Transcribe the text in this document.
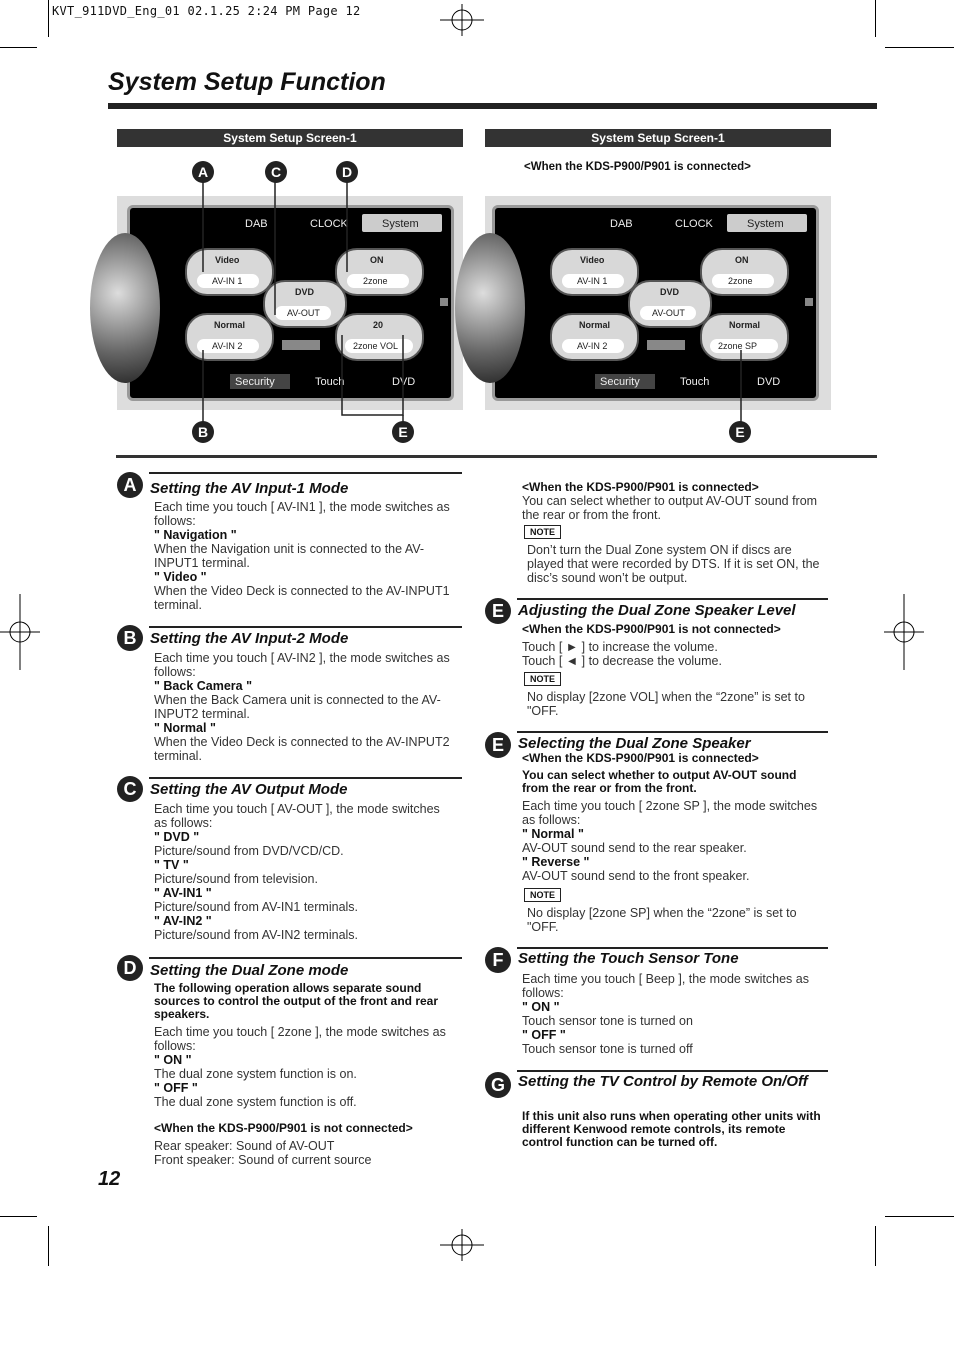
KVT_911DVD_Eng_01 02.1.25 2:24 PM Page 12
System Setup Function
System Setup Screen-1	System Setup Screen-1
<When the KDS-P900/P901 is connected>
DAB	CLOCK	System
Video
AV-IN 1
DVD
AV-OUT
ON
2zone
Normal
AV-IN 2
20
2zone VOL
Security	Touch	DVD
A	C	D
B	E
DAB	CLOCK	System
Video
AV-IN 1
DVD
AV-OUT
ON
2zone
Normal
AV-IN 2
Normal
2zone SP
Security	Touch	DVD
E
A Setting the AV Input-1 Mode
Each time you touch [ AV-IN1 ], the mode switches as follows:
" Navigation "
When the Navigation unit is connected to the AV-INPUT1 terminal.
" Video "
When the Video Deck is connected to the AV-INPUT1 terminal.
B Setting the AV Input-2 Mode
Each time you touch [ AV-IN2 ], the mode switches as follows:
" Back Camera "
When the Back Camera unit is connected to the AV-INPUT2 terminal.
" Normal "
When the Video Deck is connected to the AV-INPUT2 terminal.
C Setting the AV Output Mode
Each time you touch [ AV-OUT ], the mode switches as follows:
" DVD "
Picture/sound from DVD/VCD/CD.
" TV "
Picture/sound from television.
" AV-IN1 "
Picture/sound from AV-IN1 terminals.
" AV-IN2 "
Picture/sound from AV-IN2 terminals.
D Setting the Dual Zone mode
The following operation allows separate sound sources to control the output of the front and rear speakers.
Each time you touch [ 2zone ], the mode switches as follows:
" ON "
The dual zone system function is on.
" OFF "
The dual zone system function is off.
<When the KDS-P900/P901 is not connected>
Rear speaker: Sound of AV-OUT
Front speaker: Sound of current source
<When the KDS-P900/P901 is connected>
You can select whether to output AV-OUT sound from the rear or from the front.
NOTE
Don’t turn the Dual Zone system ON if discs are played that were recorded by DTS. If it is set ON, the disc’s sound won’t be output.
E Adjusting the Dual Zone Speaker Level
<When the KDS-P900/P901 is not connected>
Touch [ ► ] to increase the volume.
Touch [ ◄ ] to decrease the volume.
NOTE
No display [2zone VOL] when the “2zone” is set to "OFF.
E Selecting the Dual Zone Speaker
<When the KDS-P900/P901 is connected>
You can select whether to output AV-OUT sound from the rear or from the front.
Each time you touch [ 2zone SP ], the mode switches as follows:
" Normal "
AV-OUT sound send to the rear speaker.
" Reverse "
AV-OUT sound send to the front speaker.
NOTE
No display [2zone SP] when the “2zone” is set to "OFF.
F Setting the Touch Sensor Tone
Each time you touch [ Beep ], the mode switches as follows:
" ON "
Touch sensor tone is turned on
" OFF "
Touch sensor tone is turned off
G Setting the TV Control by Remote On/Off
If this unit also runs when operating other units with different Kenwood remote controls, its remote control function can be turned off.
12
